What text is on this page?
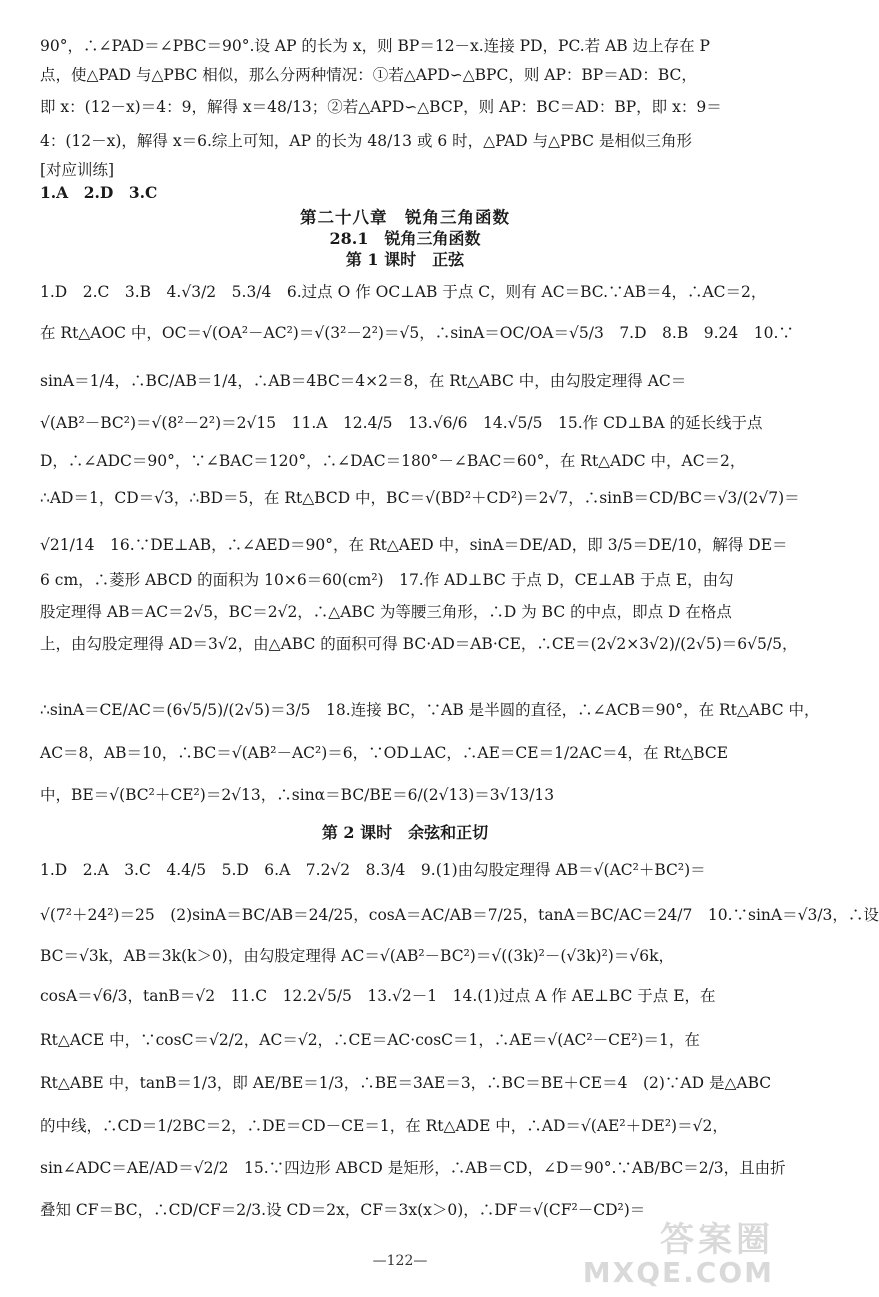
90°，∴∠PAD＝∠PBC＝90°.设 AP 的长为 x，则 BP＝12－x.连接 PD，PC.若 AB 边上存在 P
点，使△PAD 与△PBC 相似，那么分两种情况：①若△APD∽△BPC，则 AP：BP＝AD：BC，
即 x：(12－x)＝4：9，解得 x＝48/13；②若△APD∽△BCP，则 AP：BC＝AD：BP，即 x：9＝
4：(12－x)，解得 x＝6.综上可知，AP 的长为 48/13 或 6 时，△PAD 与△PBC 是相似三角形
[对应训练]
1.A　2.D　3.C
第二十八章　锐角三角函数
28.1　锐角三角函数
第 1 课时　正弦
1.D　2.C　3.B　4.√3/2　5.3/4　6.过点 O 作 OC⊥AB 于点 C，则有 AC＝BC.∵AB＝4，∴AC＝2，
在 Rt△AOC 中，OC＝√(OA²－AC²)＝√(3²－2²)＝√5，∴sinA＝OC/OA＝√5/3　7.D　8.B　9.24　10.∵
sinA＝1/4，∴BC/AB＝1/4，∴AB＝4BC＝4×2＝8，在 Rt△ABC 中，由勾股定理得 AC＝
√(AB²－BC²)＝√(8²－2²)＝2√15　11.A　12.4/5　13.√6/6　14.√5/5　15.作 CD⊥BA 的延长线于点
D，∴∠ADC＝90°，∵∠BAC＝120°，∴∠DAC＝180°－∠BAC＝60°，在 Rt△ADC 中，AC＝2，
∴AD＝1，CD＝√3，∴BD＝5，在 Rt△BCD 中，BC＝√(BD²＋CD²)＝2√7，∴sinB＝CD/BC＝√3/(2√7)＝
√21/14　16.∵DE⊥AB，∴∠AED＝90°，在 Rt△AED 中，sinA＝DE/AD，即 3/5＝DE/10，解得 DE＝
6 cm，∴菱形 ABCD 的面积为 10×6＝60(cm²)　17.作 AD⊥BC 于点 D，CE⊥AB 于点 E，由勾
股定理得 AB＝AC＝2√5，BC＝2√2，∴△ABC 为等腰三角形，∴D 为 BC 的中点，即点 D 在格点
上，由勾股定理得 AD＝3√2，由△ABC 的面积可得 BC·AD＝AB·CE，∴CE＝(2√2×3√2)/(2√5)＝6√5/5，
∴sinA＝CE/AC＝(6√5/5)/(2√5)＝3/5　18.连接 BC，∵AB 是半圆的直径，∴∠ACB＝90°，在 Rt△ABC 中，
AC＝8，AB＝10，∴BC＝√(AB²－AC²)＝6，∵OD⊥AC，∴AE＝CE＝1/2AC＝4，在 Rt△BCE
中，BE＝√(BC²＋CE²)＝2√13，∴sinα＝BC/BE＝6/(2√13)＝3√13/13
第 2 课时　余弦和正切
1.D　2.A　3.C　4.4/5　5.D　6.A　7.2√2　8.3/4　9.(1)由勾股定理得 AB＝√(AC²＋BC²)＝
√(7²＋24²)＝25　(2)sinA＝BC/AB＝24/25，cosA＝AC/AB＝7/25，tanA＝BC/AC＝24/7　10.∵sinA＝√3/3，∴设
BC＝√3k，AB＝3k(k＞0)，由勾股定理得 AC＝√(AB²－BC²)＝√((3k)²－(√3k)²)＝√6k，
cosA＝√6/3，tanB＝√2　11.C　12.2√5/5　13.√2－1　14.(1)过点 A 作 AE⊥BC 于点 E，在
Rt△ACE 中，∵cosC＝√2/2，AC＝√2，∴CE＝AC·cosC＝1，∴AE＝√(AC²－CE²)＝1，在
Rt△ABE 中，tanB＝1/3，即 AE/BE＝1/3，∴BE＝3AE＝3，∴BC＝BE＋CE＝4　(2)∵AD 是△ABC
的中线，∴CD＝1/2BC＝2，∴DE＝CD－CE＝1，在 Rt△ADE 中，∴AD＝√(AE²＋DE²)＝√2，
sin∠ADC＝AE/AD＝√2/2　15.∵四边形 ABCD 是矩形，∴AB＝CD，∠D＝90°.∵AB/BC＝2/3，且由折
叠知 CF＝BC，∴CD/CF＝2/3.设 CD＝2x，CF＝3x(x＞0)，∴DF＝√(CF²－CD²)＝
—122—
答案圈
MXQE.COM
